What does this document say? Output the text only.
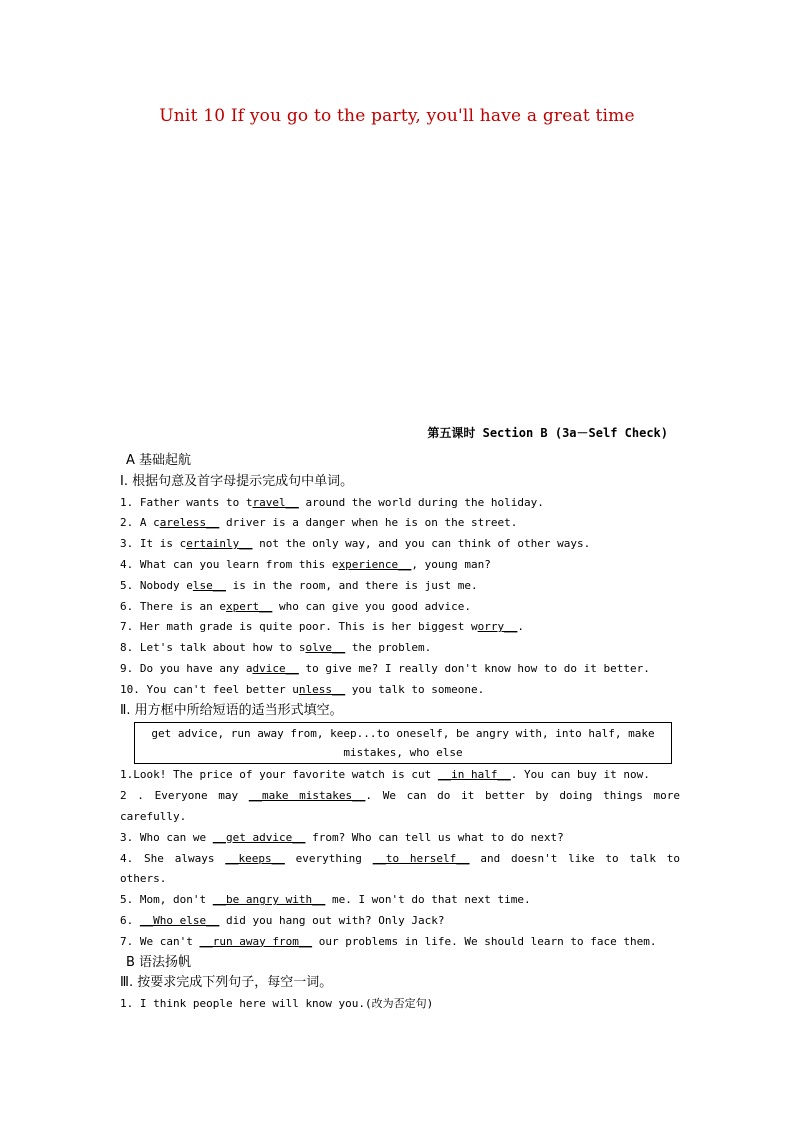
Unit 10 If you go to the party, you'll have a great time
第五课时 Section B (3a－Self Check)
A 基础起航
Ⅰ. 根据句意及首字母提示完成句中单词。
1. Father wants to travel__ around the world during the holiday.
2. A careless__ driver is a danger when he is on the street.
3. It is certainly__ not the only way, and you can think of other ways.
4. What can you learn from this experience__, young man?
5. Nobody else__ is in the room, and there is just me.
6. There is an expert__ who can give you good advice.
7. Her math grade is quite poor. This is her biggest worry__.
8. Let's talk about how to solve__ the problem.
9. Do you have any advice__ to give me? I really don't know how to do it better.
10. You can't feel better unless__ you talk to someone.
Ⅱ. 用方框中所给短语的适当形式填空。
get advice, run away from, keep...to oneself, be angry with, into half, make
mistakes, who else
1.Look! The price of your favorite watch is cut __in half__. You can buy it now.
2 . Everyone may __make mistakes__. We can do it better by doing things more carefully.
3. Who can we __get advice__ from? Who can tell us what to do next?
4. She always __keeps__ everything __to herself__ and doesn't like to talk to others.
5. Mom, don't __be angry with__ me. I won't do that next time.
6. __Who else__ did you hang out with? Only Jack?
7. We can't __run away from__ our problems in life. We should learn to face them.
B 语法扬帆
Ⅲ. 按要求完成下列句子，每空一词。
1. I think people here will know you.(改为否定句)
